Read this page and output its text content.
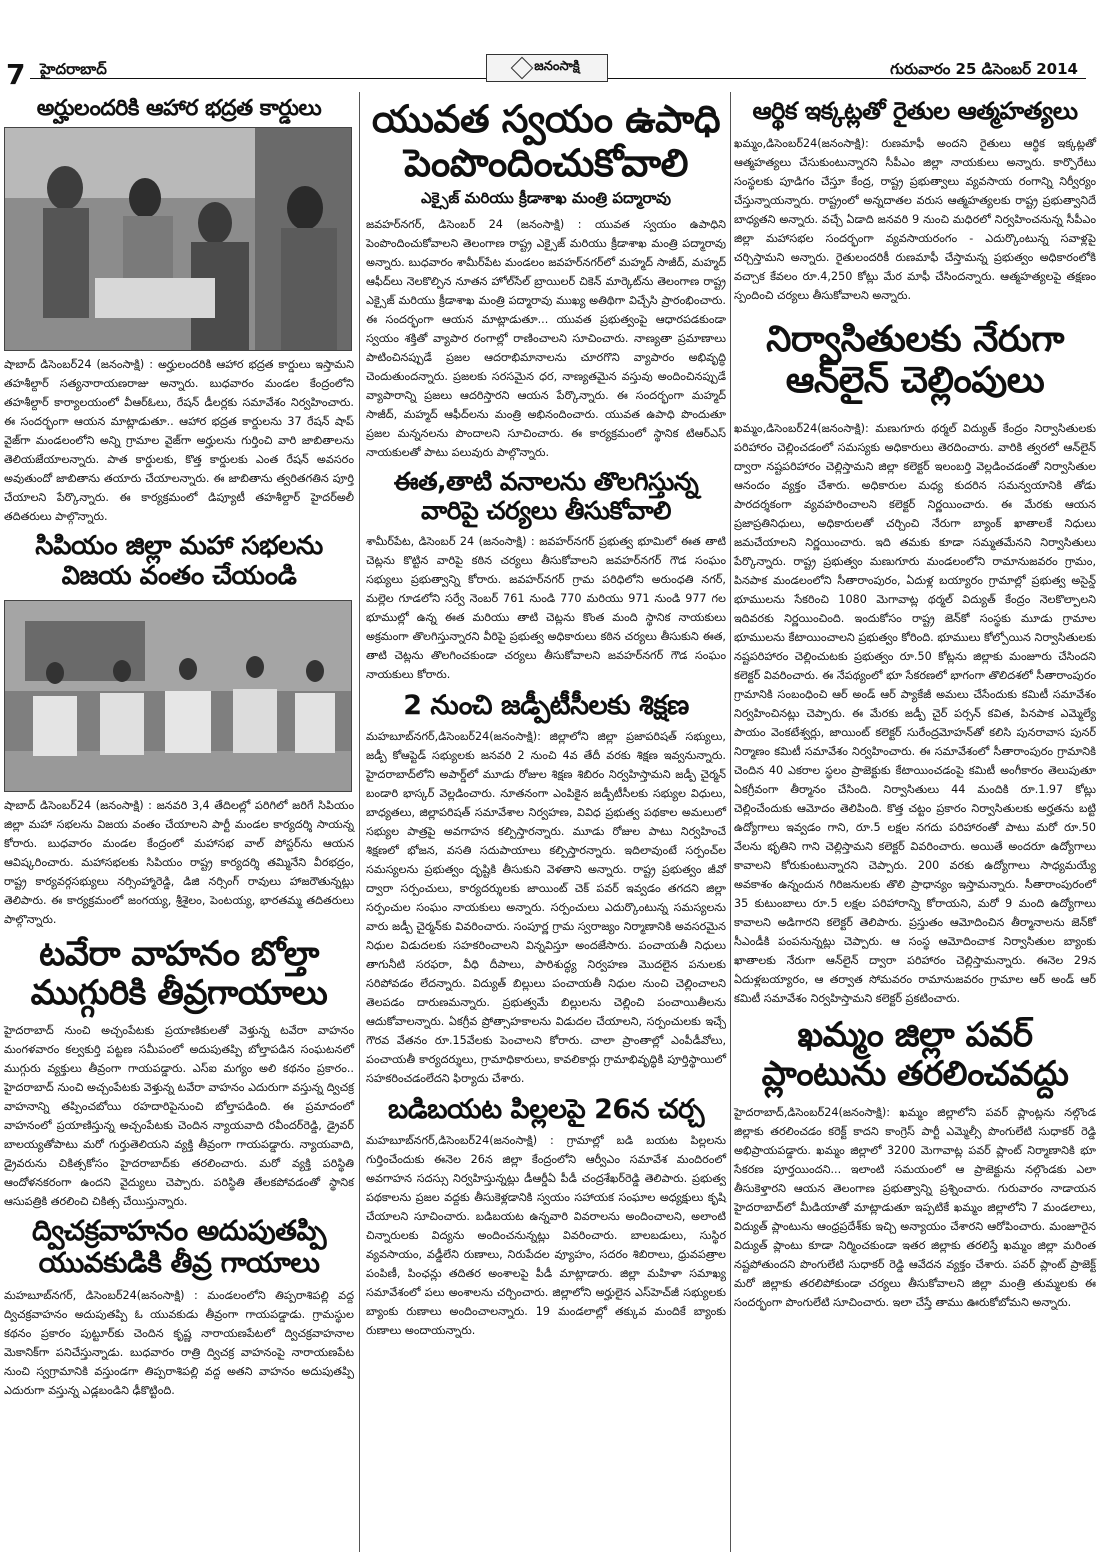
7 హైదరాబాద్	జనంసాక్షి	గురువారం 25 డిసెంబర్ 2014
అర్హులందరికి ఆహార భద్రత కార్డులు

షాబాద్ డిసెంబర్24 (జనంసాక్షి) : అర్హులందరికి ఆహార భద్రత కార్డులు ఇస్తామని తహశీల్దార్ సత్యనారాయణరాజు అన్నారు. బుధవారం మండల కేంద్రంలోని తహశీల్దార్ కార్యాలయంలో వీఆర్‌ఓలు, రేషన్ డీలర్లకు సమావేశం నిర్వహించారు. ఈ సందర్భంగా ఆయన మాట్లాడుతూ.. ఆహార భద్రత కార్డులను 37 రేషన్ షాప్ వైజ్‌గా మండలంలోని అన్ని గ్రామాల వైజ్‌గా అర్హులను గుర్తించి వారి జాబితాలను తెలియజేయాలన్నారు. పాత కార్డులకు, కొత్త కార్డులకు ఎంత రేషన్ అవసరం అవుతుందో జాబితాను తయారు చేయాలన్నారు. ఈ జాబితాను త్వరితగతిన పూర్తి చేయాలని పేర్కొన్నారు. ఈ కార్యక్రమంలో డిప్యూటీ తహశీల్దార్ హైదర్‌అలీ తదితరులు పాల్గొన్నారు.

సిపియం జిల్లా మహా సభలను విజయ వంతం చేయండి

షాబాద్ డిసెంబర్24 (జనంసాక్షి) : జనవరి 3,4 తేదిలల్లో పరిగిలో జరిగే సిపియం జిల్లా మహా సభలను విజయ వంతం చేయాలని పార్టీ మండల కార్యదర్శి సాయన్న కోరారు. బుధవారం మండల కేంద్రంలో మహాసభ వాల్ పోస్టర్‌ను ఆయన ఆవిష్కరించారు. మహాసభలకు సిపియం రాష్ట్ర కార్యదర్శి తమ్మినేని వీరభద్రం, రాష్ట్ర కార్యవర్గసభ్యులు నర్సింహ్మారెడ్డి, డిజి నర్సింగ్ రావులు హాజరౌతున్నట్లు తెలిపారు. ఈ కార్యక్రమంలో జంగయ్య, శ్రీశైలం, పెంటయ్య, భారతమ్మ తదితరులు పాల్గొన్నారు.

టవేరా వాహనం బోల్తా ముగ్గురికి తీవ్రగాయాలు

హైదరాబాద్ నుంచి అచ్చంపేటకు ప్రయాణికులతో వెళ్తున్న టవేరా వాహనం మంగళవారం కల్వకుర్తి పట్టణ సమీపంలో అదుపుతప్పి బోల్తాపడిన సంఘటనలో ముగ్గురు వ్యక్తులు తీవ్రంగా గాయపడ్డారు. ఎస్‌ఐ మగ్యం అలి కథనం ప్రకారం.. హైదరాబాద్ నుంచి అచ్చంపేటకు వెళ్తున్న టవేరా వాహనం ఎదురుగా వస్తున్న ద్విచక్ర వాహనాన్ని తప్పించబోయి రహదారిపైనుంచి బోల్తాపడింది. ఈ ప్రమాదంలో వాహనంలో ప్రయాణిస్తున్న అచ్చంపేటకు చెందిన న్యాయవాది రవీందర్‌రెడ్డి, డ్రైవర్ బాలయ్యతోపాటు మరో గుర్తుతెలియని వ్యక్తి తీవ్రంగా గాయపడ్డారు. న్యాయవాది, డ్రైవరును చికిత్సకోసం హైదరాబాద్‌కు తరలించారు. మరో వ్యక్తి పరిస్థితి ఆందోళనకరంగా ఉందని వైద్యులు చెప్పారు. పరిస్థితి తేలకపోవడంతో స్థానిక ఆసుపత్రికి తరలించి చికిత్స చేయిస్తున్నారు.

ద్విచక్రవాహనం అదుపుతప్పి యువకుడికి తీవ్ర గాయాలు

మహబూబ్‌నగర్, డిసెంబర్24(జనంసాక్షి) : మండలంలోని తిప్పరాశిపల్లి వద్ద ద్విచక్రవాహనం అదుపుతప్పి ఓ యువకుడు తీవ్రంగా గాయపడ్డాడు. గ్రామస్థుల కథనం ప్రకారం పుట్టూర్‌కు చెందిన కృష్ణ నారాయణపేటలో ద్విచక్రవాహనాల మెకానిక్‌గా పనిచేస్తున్నాడు. బుధవారం రాత్రి ద్విచక్ర వాహనంపై నారాయణపేట నుంచి స్వగ్రామానికి వస్తుండగా తిప్పరాశిపల్లి వద్ద అతని వాహనం అదుపుతప్పి ఎదురుగా వస్తున్న ఎడ్లబండిని ఢీకొట్టింది.

యువత స్వయం ఉపాధి పెంపొందించుకోవాలి
ఎక్సైజ్ మరియు క్రీడాశాఖ మంత్రి పద్మారావు

జవహర్‌నగర్, డిసెంబర్ 24 (జనంసాక్షి) : యువత స్వయం ఉపాధిని పెంపొందించుకోవాలని తెలంగాణ రాష్ట్ర ఎక్సైజ్ మరియు క్రీడాశాఖ మంత్రి పద్మారావు అన్నారు. బుధవారం శామీర్‌పేట మండలం జవహర్‌నగర్‌లో మహ్మద్ సాజీద్, మహ్మద్ ఆఫీద్‌లు నెలకొల్పిన నూతన హోల్‌సేల్ బ్రాయిలర్ చికెన్ మార్కెట్‌ను తెలంగాణ రాష్ట్ర ఎక్సైజ్ మరియు క్రీడాశాఖ మంత్రి పద్మారావు ముఖ్య అతిథిగా విచ్చేసి ప్రారంభించారు. ఈ సందర్భంగా ఆయన మాట్లాడుతూ... యువత ప్రభుత్వంపై ఆధారపడకుండా స్వయం శక్తితో వ్యాపార రంగాల్లో రాణించాలని సూచించారు. నాణ్యతా ప్రమాణాలు పాటించినప్పుడే ప్రజల ఆదరాభిమానాలను చూరగొని వ్యాపారం అభివృద్ధి చెందుతుందన్నారు. ప్రజలకు సరసమైన ధర, నాణ్యతమైన వస్తువు అందించినప్పుడే వ్యాపారాన్ని ప్రజలు ఆదరిస్తారని ఆయన పేర్కొన్నారు. ఈ సందర్భంగా మహ్మద్ సాజీద్, మహ్మద్ ఆఫీద్‌లను మంత్రి అభినందించారు. యువత ఉపాధి పొందుతూ ప్రజల మన్ననలను పొందాలని సూచించారు. ఈ కార్యక్రమంలో స్థానిక టిఆర్‌ఎస్ నాయకులతో పాటు పలువురు పాల్గొన్నారు.

ఈత,తాటి వనాలను తొలగిస్తున్న వారిపై చర్యలు తీసుకోవాలి

శామీర్‌పేట, డిసెంబర్ 24 (జనంసాక్షి) : జవహర్‌నగర్ ప్రభుత్వ భూమిలో ఈత తాటి చెట్లను కొట్టిన వారిపై కఠిన చర్యలు తీసుకోవాలని జవహర్‌నగర్ గౌడ సంఘం సభ్యులు ప్రభుత్వాన్ని కోరారు. జవహర్‌నగర్ గ్రామ పరిధిలోని అరుంధతి నగర్, మల్లెల గూడలోని సర్వే నెంబర్ 761 నుండి 770 మరియు 971 నుండి 977 గల భూముల్లో ఉన్న ఈత మరియు తాటి చెట్లను కొంత మంది స్థానిక నాయకులు అక్రమంగా తొలగిస్తున్నారని వీరిపై ప్రభుత్వ అధికారులు కఠిన చర్యలు తీసుకుని ఈత, తాటి చెట్లను తొలగించకుండా చర్యలు తీసుకోవాలని జవహర్‌నగర్ గౌడ సంఘం నాయకులు కోరారు.

2 నుంచి జడ్పీటీసీలకు శిక్షణ

మహబూబ్‌నగర్,డిసెంబర్24(జనంసాక్షి): జిల్లాలోని జిల్లా ప్రజాపరిషత్ సభ్యులు, జడ్పీ కోఆప్టెడ్ సభ్యులకు జనవరి 2 నుంచి 4వ తేదీ వరకు శిక్షణ ఇవ్వనున్నారు. హైదరాబాద్‌లోని అపార్డ్‌లో మూడు రోజుల శిక్షణ శిబిరం నిర్వహిస్తామని జడ్పీ చైర్మన్ బండారి భాస్కర్ వెల్లడించారు. నూతనంగా ఎంపికైన జడ్పీటీసీలకు సభ్యుల విధులు, బాధ్యతలు, జిల్లాపరిషత్ సమావేశాల నిర్వహణ, వివిధ ప్రభుత్వ పథకాల అమలులో సభ్యుల పాత్రపై అవగాహన కల్పిస్తారన్నారు. మూడు రోజుల పాటు నిర్వహించే శిక్షణలో భోజన, వసతి సదుపాయాలు కల్పిస్తారన్నారు. ఇదిలావుంటే సర్పంచ్‌ల సమస్యలను ప్రభుత్వం దృష్టికి తీసుకుని వెళతాని అన్నారు. రాష్ట్ర ప్రభుత్వం జీవో ద్వారా సర్పంచులు, కార్యదర్శులకు జాయింట్ చెక్ పవర్ ఇవ్వడం తగదని జిల్లా సర్పంచుల సంఘం నాయకులు అన్నారు. సర్పంచులు ఎదుర్కొంటున్న సమస్యలను వారు జడ్పీ చైర్మన్‌కు వివరించారు. సంపూర్ణ గ్రామ స్వరాజ్యం నిర్మాణానికి అవసరమైన నిధుల విడుదలకు సహకరించాలని విన్నవిస్తూ అందజేసారు. పంచాయతీ నిధులు తాగునీటి సరఫరా, వీధి దీపాలు, పారిశుద్ధ్య నిర్వహణ మొదలైన పనులకు సరిపోవడం లేదన్నారు. విద్యుత్ బిల్లులు పంచాయతీ నిధుల నుంచి చెల్లించాలని తెలపడం దారుణమన్నారు. ప్రభుత్వమే బిల్లులను చెల్లించి పంచాయితీలను ఆదుకోవాలన్నారు. ఏకగ్రీవ ప్రోత్సాహకాలను విడుదల చేయాలని, సర్పంచులకు ఇచ్చే గౌరవ వేతనం రూ.15వేలకు పెంచాలని కోరారు. చాలా ప్రాంతాల్లో ఎంపీడీవోలు, పంచాయతీ కార్యదర్శులు, గ్రామాధికారులు, కావలికార్లు గ్రామాభివృద్ధికి పూర్తిస్థాయిలో సహకరించడంలేదని ఫిర్యాదు చేశారు.

బడిబయట పిల్లలపై 26న చర్చ

మహబూబ్‌నగర్,డిసెంబర్24(జనంసాక్షి) : గ్రామాల్లో బడి బయట పిల్లలను గుర్తించేందుకు ఈనెల 26న జిల్లా కేంద్రంలోని ఆర్వీఎం సమావేశ మందిరంలో అవగాహన సదస్సు నిర్వహిస్తున్నట్లు డీఆర్డీఏ పీడీ చంద్రశేఖర్‌రెడ్డి తెలిపారు. ప్రభుత్వ పథకాలను ప్రజల వద్దకు తీసుకెళ్లడానికి స్వయం సహాయక సంఘాల అధ్యక్షులు కృషి చేయాలని సూచించారు. బడిబయట ఉన్నవారి వివరాలను అందించాలని, అలాంటి చిన్నారులకు విద్యను అందించనున్నట్లు వివరించారు. బాలబడులు, సుస్థిర వ్యవసాయం, వడ్డీలేని రుణాలు, నిరుపేదల వ్యూహం, సదరం శిబిరాలు, ధ్రువపత్రాల పంపిణీ, పింఛన్లు తదితర అంశాలపై పీడీ మాట్లాడారు. జిల్లా మహిళా సమాఖ్య సమావేశంలో పలు అంశాలను చర్చించారు. జిల్లాలోని అర్హులైన ఎస్‌హెచ్‌జీ సభ్యులకు బ్యాంకు రుణాలు అందించాలన్నారు. 19 మండలాల్లో తక్కువ మందికే బ్యాంకు రుణాలు అందాయన్నారు.

ఆర్థిక ఇక్కట్లతో రైతుల ఆత్మహత్యలు

ఖమ్మం,డిసెంబర్24(జనంసాక్షి): రుణమాఫీ అందని రైతులు ఆర్థిక ఇక్కట్లతో ఆత్మహత్యలు చేసుకుంటున్నారని సీపీఎం జిల్లా నాయకులు అన్నారు. కార్పొరేటు సంస్థలకు పూడిగం చేస్తూ కేంద్ర, రాష్ట్ర ప్రభుత్వాలు వ్యవసాయ రంగాన్ని నిర్వీర్యం చేస్తున్నాయన్నారు. రాష్ట్రంలో అన్నదాతల వరుస ఆత్మహత్యలకు రాష్ట్ర ప్రభుత్వానిదే బాధ్యతని అన్నారు. వచ్చే ఏడాది జనవరి 9 నుంచి మధిరలో నిర్వహించనున్న సీపీఎం జిల్లా మహాసభల సందర్భంగా వ్యవసాయరంగం - ఎదుర్కొంటున్న సవాళ్లపై చర్చిస్తామని అన్నారు. రైతులందరికీ రుణమాఫీ చేస్తామన్న ప్రభుత్వం అధికారంలోకి వచ్చాక కేవలం రూ.4,250 కోట్లు మేర మాఫీ చేసిందన్నారు. ఆత్మహత్యలపై తక్షణం స్పందించి చర్యలు తీసుకోవాలని అన్నారు.

నిర్వాసితులకు నేరుగా ఆన్‌లైన్ చెల్లింపులు

ఖమ్మం,డిసెంబర్24(జనంసాక్షి): మణుగూరు థర్మల్ విద్యుత్ కేంద్రం నిర్వాసితులకు పరిహారం చెల్లించడంలో సమస్యకు అధికారులు తెరదించారు. వారికి త్వరలో ఆన్‌లైన్ ద్వారా నష్టపరిహారం చెల్లిస్తామని జిల్లా కలెక్టర్ ఇలంబర్తి వెల్లడించడంతో నిర్వాసితుల ఆనందం వ్యక్తం చేశారు. అధికారుల మధ్య కుదరిన సమన్వయానికి తోడు పారదర్శకంగా వ్యవహరించాలని కలెక్టర్ నిర్ణయించారు. ఈ మేరకు ఆయన ప్రజాప్రతినిధులు, అధికారులతో చర్చించి నేరుగా బ్యాంక్ ఖాతాలకే నిధులు జమచేయాలని నిర్ణయించారు. ఇది తమకు కూడా సమ్మతమేనని నిర్వాసితులు పేర్కొన్నారు. రాష్ట్ర ప్రభుత్వం మణుగూరు మండలంలోని రామానుజవరం గ్రామం, పినపాక మండలంలోని సీతారాంపురం, ఏదుళ్ల బయ్యారం గ్రామాల్లో ప్రభుత్వ అసైన్డ్ భూములను సేకరించి 1080 మెగావాట్ల థర్మల్ విద్యుత్ కేంద్రం నెలకొల్పాలని ఇదివరకు నిర్ణయించింది. ఇందుకోసం రాష్ట్ర జెన్‌కో సంస్థకు మూడు గ్రామాల భూములను కేటాయించాలని ప్రభుత్వం కోరింది. భూములు కోల్పోయిన నిర్వాసితులకు నష్టపరిహారం చెల్లించుటకు ప్రభుత్వం రూ.50 కోట్లను జిల్లాకు మంజూరు చేసిందని కలెక్టర్ వివరించారు. ఈ నేపథ్యంలో భూ సేకరణలో భాగంగా తొలిదశలో సీతారాంపురం గ్రామానికి సంబంధించి ఆర్ అండ్ ఆర్ ప్యాకేజీ అమలు చేసేందుకు కమిటీ సమావేశం నిర్వహించినట్లు చెప్పారు. ఈ మేరకు జడ్పీ చైర్ పర్సన్ కవిత, పినపాక ఎమ్మెల్యే పాయం వెంకటేశ్వర్లు, జాయింట్ కలెక్టర్ సురేంద్రమోహన్‌తో కలిసి పునరావాస పునర్ నిర్మాణం కమిటీ సమావేశం నిర్వహించారు. ఈ సమావేశంలో సీతారాంపురం గ్రామానికి చెందిన 40 ఎకరాల స్థలం ప్రాజెక్టుకు కేటాయించడంపై కమిటీ అంగీకారం తెలుపుతూ ఏకగ్రీవంగా తీర్మానం చేసింది. నిర్వాసితులు 44 మందికి రూ.1.97 కోట్లు చెల్లించేందుకు ఆమోదం తెలిపింది. కొత్త చట్టం ప్రకారం నిర్వాసితులకు అర్హతను బట్టి ఉద్యోగాలు ఇవ్వడం గాని, రూ.5 లక్షల నగదు పరిహారంతో పాటు మరో రూ.50 వేలను భృతిని గాని చెల్లిస్తామని కలెక్టర్ వివరించారు. అయితే అందరూ ఉద్యోగాలు కావాలని కోరుకుంటున్నారని చెప్పారు. 200 వరకు ఉద్యోగాలు సాధ్యమయ్యే అవకాశం ఉన్నందున గిరిజనులకు తొలి ప్రాధాన్యం ఇస్తామన్నారు. సీతారాంపురంలో 35 కుటుంబాలు రూ.5 లక్షల పరిహారాన్ని కోరాయని, మరో 9 మంది ఉద్యోగాలు కావాలని అడిగారని కలెక్టర్ తెలిపారు. ప్రస్తుతం ఆమోదించిన తీర్మానాలను జెన్‌కో సీఎండీకి పంపనున్నట్లు చెప్పారు. ఆ సంస్థ ఆమోదించాక నిర్వాసితుల బ్యాంకు ఖాతాలకు నేరుగా ఆన్‌లైన్ ద్వారా పరిహారం చెల్లిస్తామన్నారు. ఈనెల 29న ఏదుళ్లబయ్యారం, ఆ తర్వాత సోమవరం రామానుజవరం గ్రామాల ఆర్ అండ్ ఆర్ కమిటీ సమావేశం నిర్వహిస్తామని కలెక్టర్ ప్రకటించారు.

ఖమ్మం జిల్లా పవర్ ప్లాంటును తరలించవద్దు

హైదరాబాద్,డిసెంబర్24(జనంసాక్షి): ఖమ్మం జిల్లాలోని పవర్ ప్లాంట్లను నల్గొండ జిల్లాకు తరలించడం కరెక్ట్ కాదని కాంగ్రెస్ పార్టీ ఎమ్మెల్సీ పొంగులేటి సుధాకర్ రెడ్డి అభిప్రాయపడ్డారు. ఖమ్మం జిల్లాలో 3200 మెగావాట్ల పవర్ ప్లాంట్ నిర్మాణానికి భూ సేకరణ పూర్తయిందని... ఇలాంటి సమయంలో ఆ ప్రాజెక్టును నల్గొండకు ఎలా తీసుకెళ్తారని ఆయన తెలంగాణ ప్రభుత్వాన్ని ప్రశ్నించారు. గురువారం నాడాయన హైదరాబాద్‌లో మీడియాతో మాట్లాడుతూ ఇప్పటికే ఖమ్మం జిల్లాలోని 7 మండలాలు, విద్యుత్ ప్లాంటును ఆంధ్రప్రదేశ్‌కు ఇచ్చి అన్యాయం చేశారని ఆరోపించారు. మంజూరైన విద్యుత్ ప్లాంటు కూడా నిర్మించకుండా ఇతర జిల్లాకు తరలిస్తే ఖమ్మం జిల్లా మరింత నష్టపోతుందని పొంగులేటి సుధాకర్ రెడ్డి ఆవేదన వ్యక్తం చేశారు. పవర్ ప్లాంట్ ప్రాజెక్ట్ మరో జిల్లాకు తరలిపోకుండా చర్యలు తీసుకోవాలని జిల్లా మంత్రి తుమ్మలకు ఈ సందర్భంగా పొంగులేటి సూచించారు. ఇలా చేస్తే తాము ఊరుకోబోమని అన్నారు.
